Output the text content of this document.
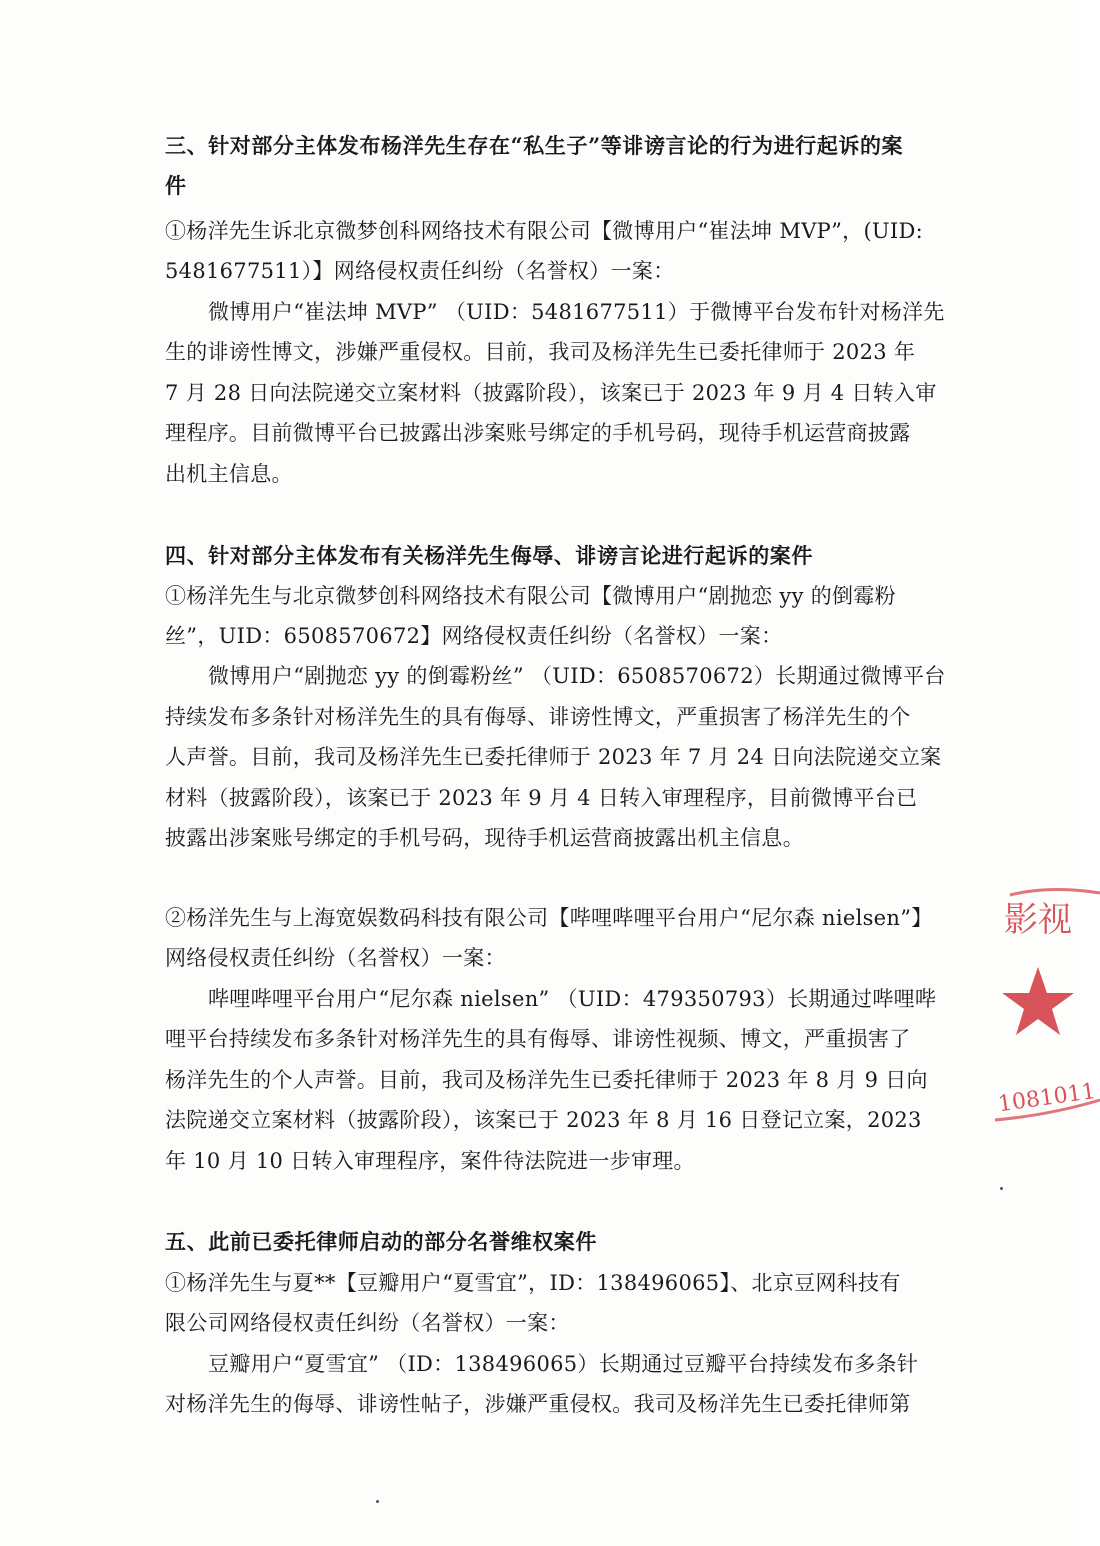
三、针对部分主体发布杨洋先生存在“私生子”等诽谤言论的行为进行起诉的案
件
①杨洋先生诉北京微梦创科网络技术有限公司【微博用户“崔法坤 MVP”，(UID:
5481677511）】网络侵权责任纠纷（名誉权）一案：
微博用户“崔法坤 MVP” （UID：5481677511）于微博平台发布针对杨洋先
生的诽谤性博文，涉嫌严重侵权。目前，我司及杨洋先生已委托律师于 2023 年
7 月 28 日向法院递交立案材料（披露阶段），该案已于 2023 年 9 月 4 日转入审
理程序。目前微博平台已披露出涉案账号绑定的手机号码，现待手机运营商披露
出机主信息。
四、针对部分主体发布有关杨洋先生侮辱、诽谤言论进行起诉的案件
①杨洋先生与北京微梦创科网络技术有限公司【微博用户“剧抛恋 yy 的倒霉粉
丝”，UID：6508570672】网络侵权责任纠纷（名誉权）一案：
微博用户“剧抛恋 yy 的倒霉粉丝” （UID：6508570672）长期通过微博平台
持续发布多条针对杨洋先生的具有侮辱、诽谤性博文，严重损害了杨洋先生的个
人声誉。目前，我司及杨洋先生已委托律师于 2023 年 7 月 24 日向法院递交立案
材料（披露阶段），该案已于 2023 年 9 月 4 日转入审理程序，目前微博平台已
披露出涉案账号绑定的手机号码，现待手机运营商披露出机主信息。
②杨洋先生与上海宽娱数码科技有限公司【哔哩哔哩平台用户“尼尔森 nielsen”】
网络侵权责任纠纷（名誉权）一案：
哔哩哔哩平台用户“尼尔森 nielsen” （UID：479350793）长期通过哔哩哔
哩平台持续发布多条针对杨洋先生的具有侮辱、诽谤性视频、博文，严重损害了
杨洋先生的个人声誉。目前，我司及杨洋先生已委托律师于 2023 年 8 月 9 日向
法院递交立案材料（披露阶段），该案已于 2023 年 8 月 16 日登记立案，2023
年 10 月 10 日转入审理程序，案件待法院进一步审理。
五、此前已委托律师启动的部分名誉维权案件
①杨洋先生与夏**【豆瓣用户“夏雪宜”，ID：138496065】、北京豆网科技有
限公司网络侵权责任纠纷（名誉权）一案：
豆瓣用户“夏雪宜” （ID：138496065）长期通过豆瓣平台持续发布多条针
对杨洋先生的侮辱、诽谤性帖子，涉嫌严重侵权。我司及杨洋先生已委托律师第
影视
1081011
